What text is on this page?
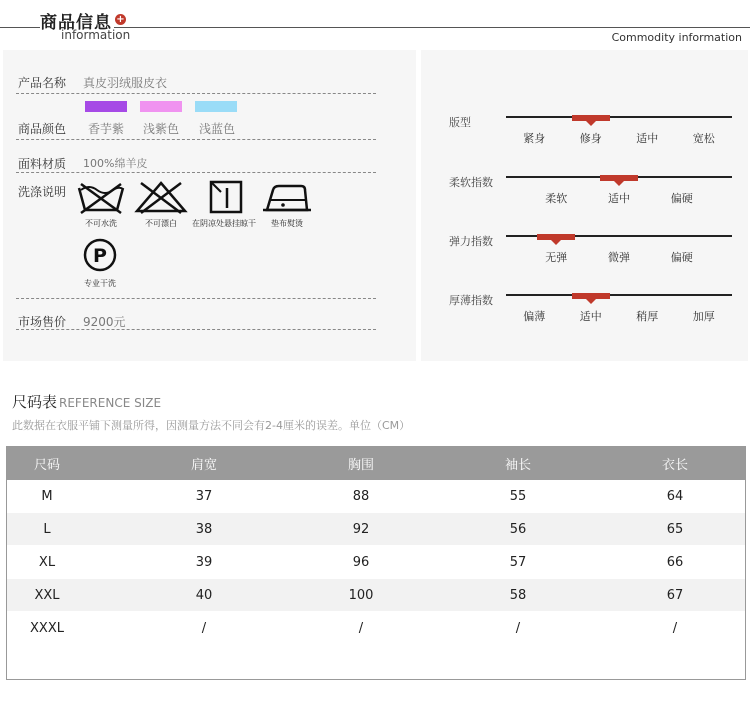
商品信息 +
information	Commodity information
产品名称 真皮羽绒服皮衣
商品颜色 香芋紫 浅紫色 浅蓝色
面料材质 100%绵羊皮
洗涤说明
不可水洗	不可漂白	在阴凉处悬挂晾干	垫布熨烫
P
专业干洗
市场售价 9200元
版型
紧身	修身	适中	宽松
柔软指数
柔软	适中	偏硬
弹力指数
无弹	微弹	偏硬
厚薄指数
偏薄	适中	稍厚	加厚
尺码表 REFERENCE SIZE
此数据在衣服平铺下测量所得，因测量方法不同会有2-4厘米的误差。单位（CM）
尺码	肩宽	胸围	袖长	衣长
M	37	88	55	64
L	38	92	56	65
XL	39	96	57	66
XXL	40	100	58	67
XXXL	/	/	/	/
